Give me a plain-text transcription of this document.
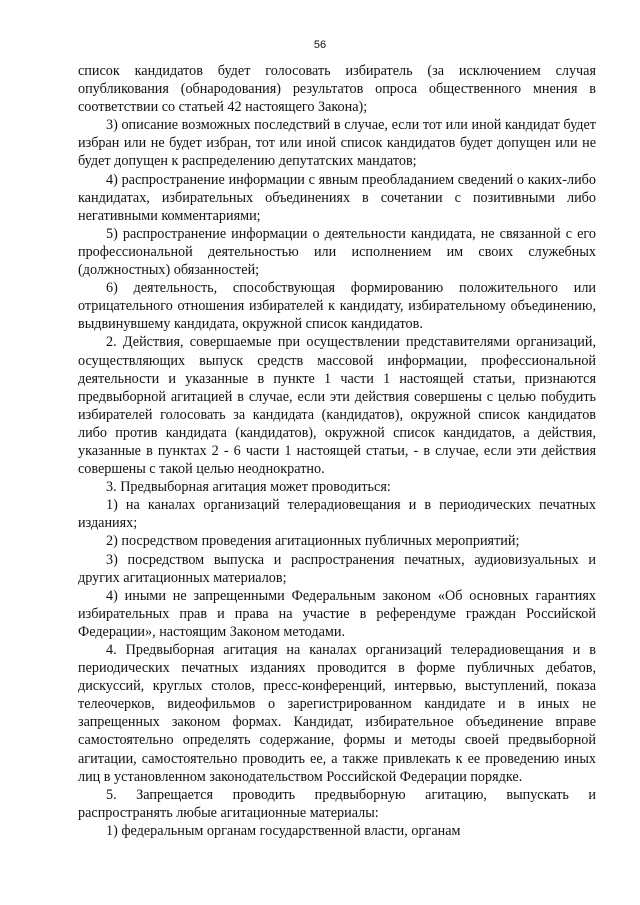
56

список кандидатов будет голосовать избиратель (за исключением случая опубликования (обнародования) результатов опроса общественного мнения в соответствии со статьей 42 настоящего Закона);

3) описание возможных последствий в случае, если тот или иной кандидат будет избран или не будет избран, тот или иной список кандидатов будет допущен или не будет допущен к распределению депутатских мандатов;

4) распространение информации с явным преобладанием сведений о каких-либо кандидатах, избирательных объединениях в сочетании с позитивными либо негативными комментариями;

5) распространение информации о деятельности кандидата, не связанной с его профессиональной деятельностью или исполнением им своих служебных (должностных) обязанностей;

6) деятельность, способствующая формированию положительного или отрицательного отношения избирателей к кандидату, избирательному объединению, выдвинувшему кандидата, окружной список кандидатов.

2. Действия, совершаемые при осуществлении представителями организаций, осуществляющих выпуск средств массовой информации, профессиональной деятельности и указанные в пункте 1 части 1 настоящей статьи, признаются предвыборной агитацией в случае, если эти действия совершены с целью побудить избирателей голосовать за кандидата (кандидатов), окружной список кандидатов либо против кандидата (кандидатов), окружной список кандидатов, а действия, указанные в пунктах 2 - 6 части 1 настоящей статьи, - в случае, если эти действия совершены с такой целью неоднократно.

3. Предвыборная агитация может проводиться:

1) на каналах организаций телерадиовещания и в периодических печатных изданиях;

2) посредством проведения агитационных публичных мероприятий;

3) посредством выпуска и распространения печатных, аудиовизуальных и других агитационных материалов;

4) иными не запрещенными Федеральным законом «Об основных гарантиях избирательных прав и права на участие в референдуме граждан Российской Федерации», настоящим Законом методами.

4. Предвыборная агитация на каналах организаций телерадиовещания и в периодических печатных изданиях проводится в форме публичных дебатов, дискуссий, круглых столов, пресс-конференций, интервью, выступлений, показа телеочерков, видеофильмов о зарегистрированном кандидате и в иных не запрещенных законом формах. Кандидат, избирательное объединение вправе самостоятельно определять содержание, формы и методы своей предвыборной агитации, самостоятельно проводить ее, а также привлекать к ее проведению иных лиц в установленном законодательством Российской Федерации порядке.

5. Запрещается проводить предвыборную агитацию, выпускать и распространять любые агитационные материалы:

1) федеральным органам государственной власти, органам
